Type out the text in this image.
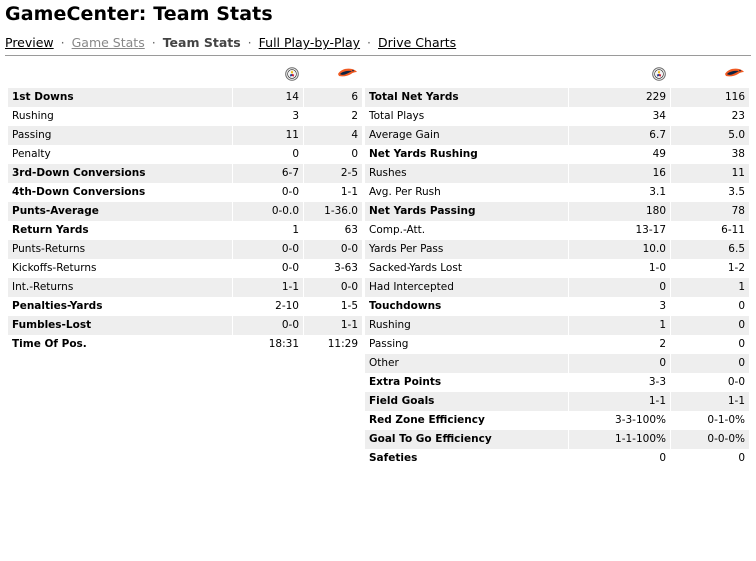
GameCenter: Team Stats
Preview · Game Stats · Team Stats · Full Play-by-Play · Drive Charts

1st Downs	14	6
Rushing	3	2
Passing	11	4
Penalty	0	0
3rd-Down Conversions	6-7	2-5
4th-Down Conversions	0-0	1-1
Punts-Average	0-0.0	1-36.0
Return Yards	1	63
Punts-Returns	0-0	0-0
Kickoffs-Returns	0-0	3-63
Int.-Returns	1-1	0-0
Penalties-Yards	2-10	1-5
Fumbles-Lost	0-0	1-1
Time Of Pos.	18:31	11:29

Total Net Yards	229	116
Total Plays	34	23
Average Gain	6.7	5.0
Net Yards Rushing	49	38
Rushes	16	11
Avg. Per Rush	3.1	3.5
Net Yards Passing	180	78
Comp.-Att.	13-17	6-11
Yards Per Pass	10.0	6.5
Sacked-Yards Lost	1-0	1-2
Had Intercepted	0	1
Touchdowns	3	0
Rushing	1	0
Passing	2	0
Other	0	0
Extra Points	3-3	0-0
Field Goals	1-1	1-1
Red Zone Efficiency	3-3-100%	0-1-0%
Goal To Go Efficiency	1-1-100%	0-0-0%
Safeties	0	0
